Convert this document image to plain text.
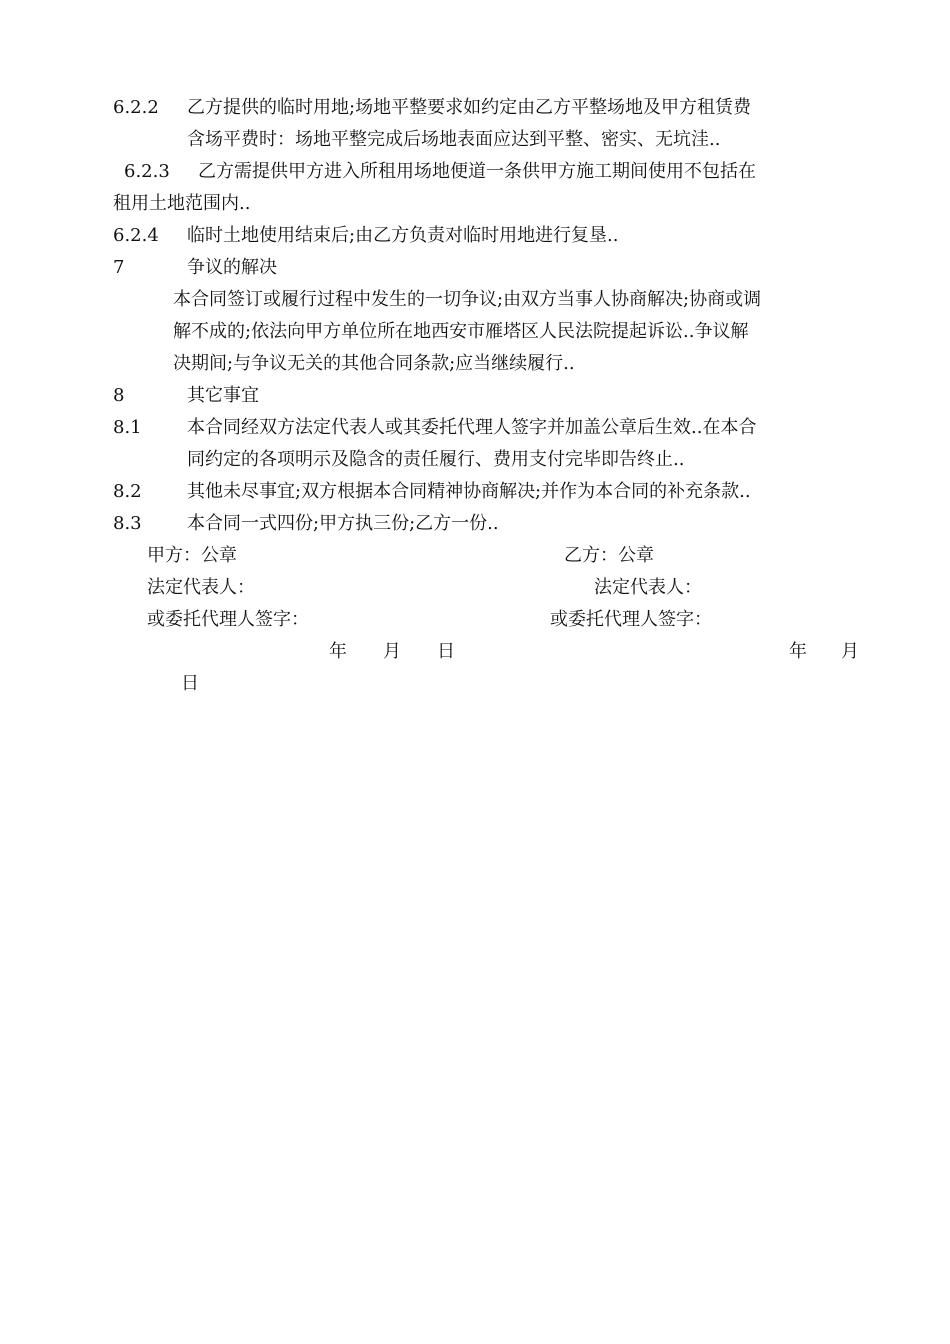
6.2.2 乙方提供的临时用地;场地平整要求如约定由乙方平整场地及甲方租赁费
含场平费时：场地平整完成后场地表面应达到平整、密实、无坑洼..
6.2.3 乙方需提供甲方进入所租用场地便道一条供甲方施工期间使用不包括在
租用土地范围内..
6.2.4 临时土地使用结束后;由乙方负责对临时用地进行复垦..
7	争议的解决
本合同签订或履行过程中发生的一切争议;由双方当事人协商解决;协商或调
解不成的;依法向甲方单位所在地西安市雁塔区人民法院提起诉讼..争议解
决期间;与争议无关的其他合同条款;应当继续履行..
8	其它事宜
8.1	本合同经双方法定代表人或其委托代理人签字并加盖公章后生效..在本合
同约定的各项明示及隐含的责任履行、费用支付完毕即告终止..
8.2	其他未尽事宜;双方根据本合同精神协商解决;并作为本合同的补充条款..
8.3	本合同一式四份;甲方执三份;乙方一份..
甲方：公章	乙方：公章
法定代表人：	法定代表人：
或委托代理人签字：	或委托代理人签字：
年 月 日	年 月
日
